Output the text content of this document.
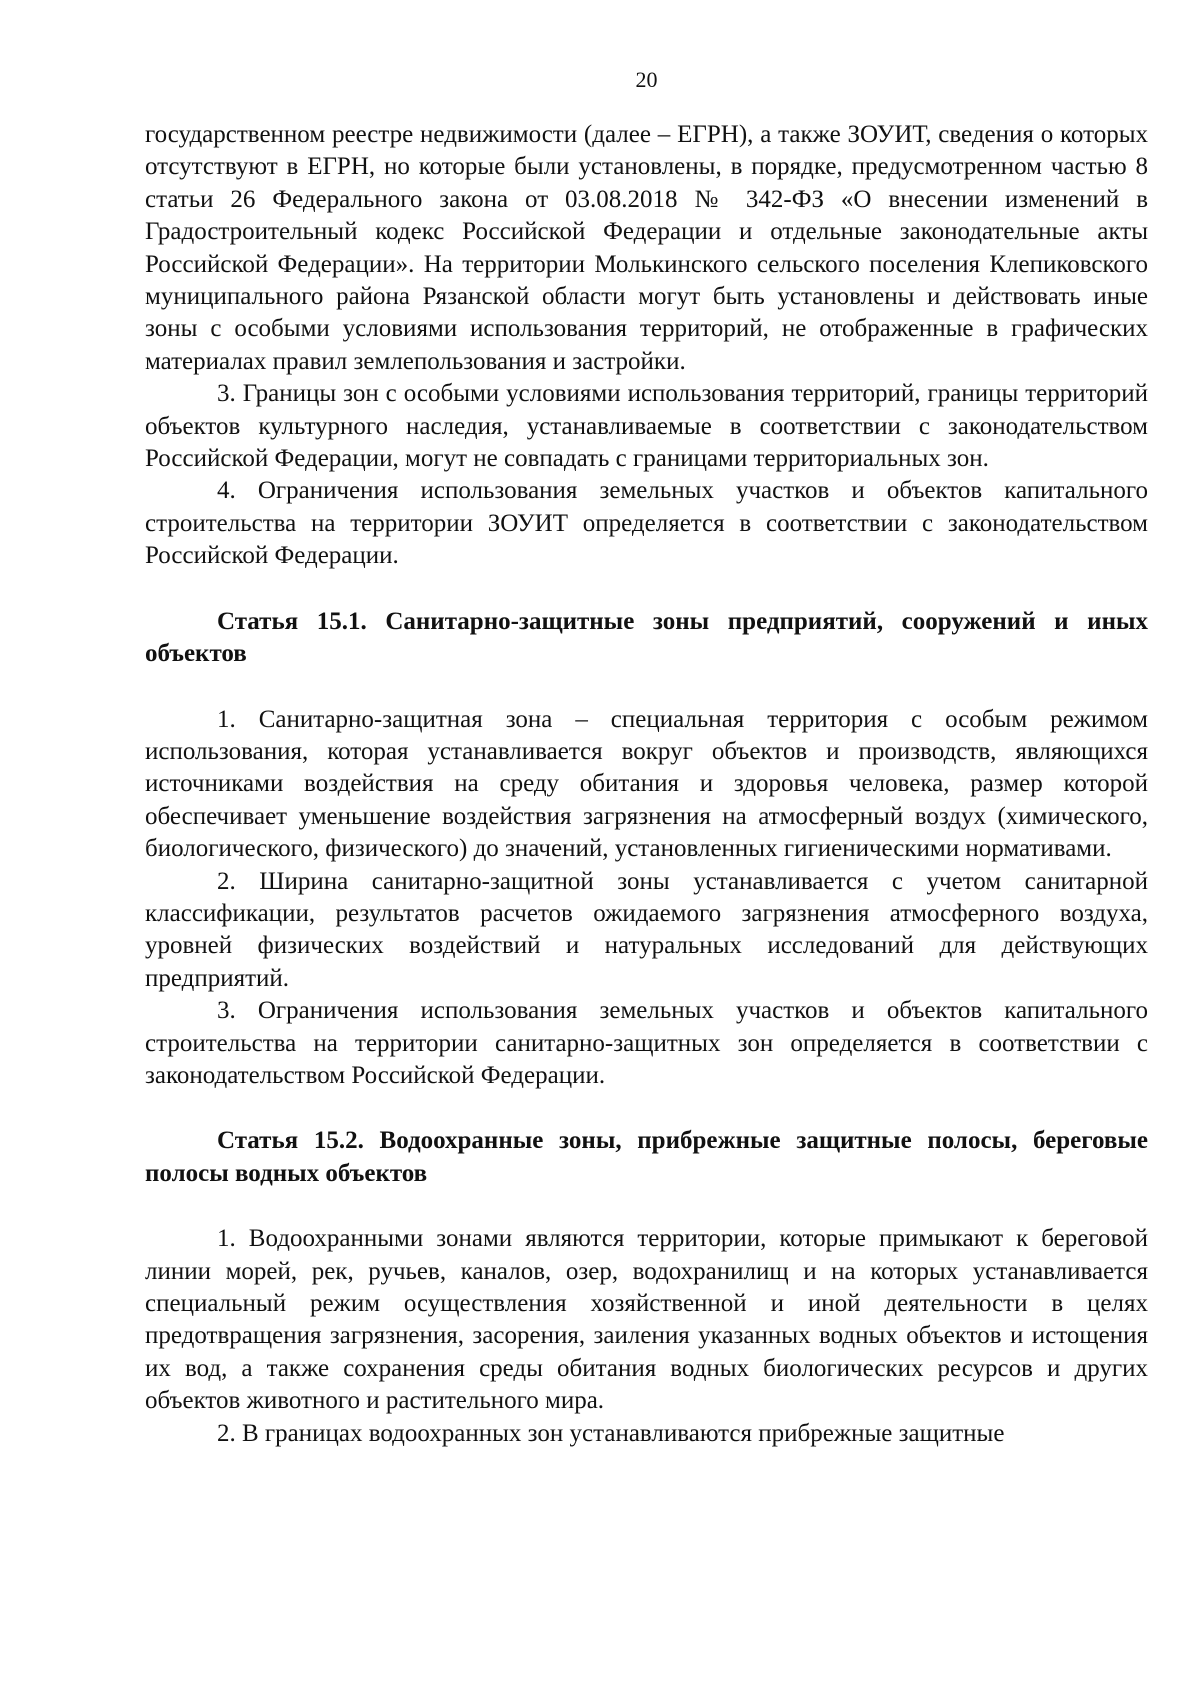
20

государственном реестре недвижимости (далее – ЕГРН), а также ЗОУИТ, сведения о которых отсутствуют в ЕГРН, но которые были установлены, в порядке, предусмотренном частью 8 статьи 26 Федерального закона от 03.08.2018 № 342-ФЗ «О внесении изменений в Градостроительный кодекс Российской Федерации и отдельные законодательные акты Российской Федерации». На территории Молькинского сельского поселения Клепиковского муниципального района Рязанской области могут быть установлены и действовать иные зоны с особыми условиями использования территорий, не отображенные в графических материалах правил землепользования и застройки.

3. Границы зон с особыми условиями использования территорий, границы территорий объектов культурного наследия, устанавливаемые в соответствии с законодательством Российской Федерации, могут не совпадать с границами территориальных зон.

4. Ограничения использования земельных участков и объектов капитального строительства на территории ЗОУИТ определяется в соответствии с законодательством Российской Федерации.

Статья 15.1. Санитарно-защитные зоны предприятий, сооружений и иных объектов

1. Санитарно-защитная зона – специальная территория с особым режимом использования, которая устанавливается вокруг объектов и производств, являющихся источниками воздействия на среду обитания и здоровья человека, размер которой обеспечивает уменьшение воздействия загрязнения на атмосферный воздух (химического, биологического, физического) до значений, установленных гигиеническими нормативами.

2. Ширина санитарно-защитной зоны устанавливается с учетом санитарной классификации, результатов расчетов ожидаемого загрязнения атмосферного воздуха, уровней физических воздействий и натуральных исследований для действующих предприятий.

3. Ограничения использования земельных участков и объектов капитального строительства на территории санитарно-защитных зон определяется в соответствии с законодательством Российской Федерации.

Статья 15.2. Водоохранные зоны, прибрежные защитные полосы, береговые полосы водных объектов

1. Водоохранными зонами являются территории, которые примыкают к береговой линии морей, рек, ручьев, каналов, озер, водохранилищ и на которых устанавливается специальный режим осуществления хозяйственной и иной деятельности в целях предотвращения загрязнения, засорения, заиления указанных водных объектов и истощения их вод, а также сохранения среды обитания водных биологических ресурсов и других объектов животного и растительного мира.

2. В границах водоохранных зон устанавливаются прибрежные защитные
